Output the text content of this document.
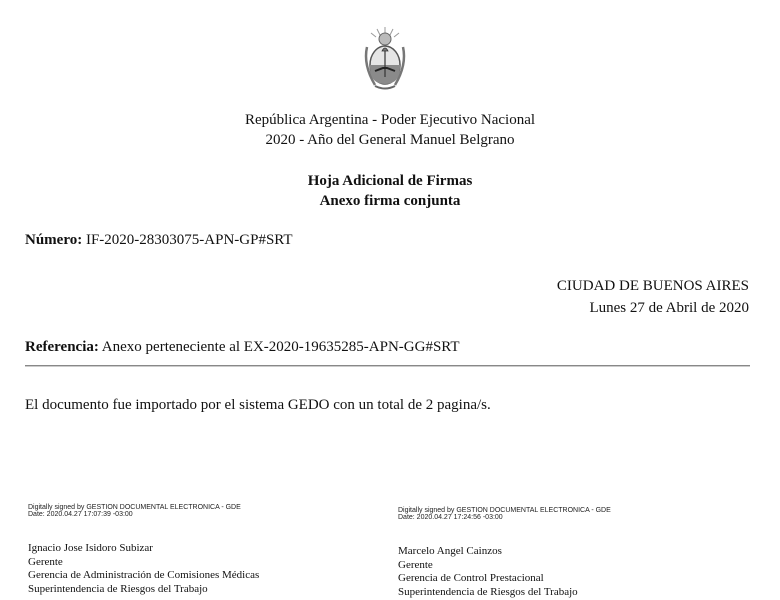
República Argentina - Poder Ejecutivo Nacional
2020 - Año del General Manuel Belgrano
Hoja Adicional de Firmas
Anexo firma conjunta
Número: IF-2020-28303075-APN-GP#SRT
CIUDAD DE BUENOS AIRES
Lunes 27 de Abril de 2020
Referencia: Anexo perteneciente al EX-2020-19635285-APN-GG#SRT
El documento fue importado por el sistema GEDO con un total de 2 pagina/s.
Digitally signed by GESTION DOCUMENTAL ELECTRONICA - GDE
Date: 2020.04.27 17:07:39 -03:00
Ignacio Jose Isidoro Subizar
Gerente
Gerencia de Administración de Comisiones Médicas
Superintendencia de Riesgos del Trabajo
Digitally signed by GESTION DOCUMENTAL ELECTRONICA - GDE
Date: 2020.04.27 17:24:56 -03:00
Marcelo Angel Cainzos
Gerente
Gerencia de Control Prestacional
Superintendencia de Riesgos del Trabajo
